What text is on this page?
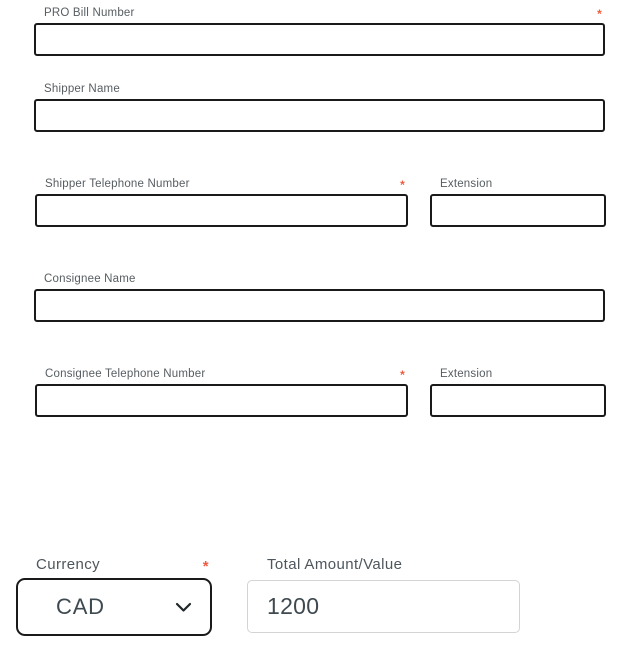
PRO Bill Number	*
Shipper Name
Shipper Telephone Number	*	Extension
Consignee Name
Consignee Telephone Number	*	Extension
Currency	*
CAD
Total Amount/Value
1200
